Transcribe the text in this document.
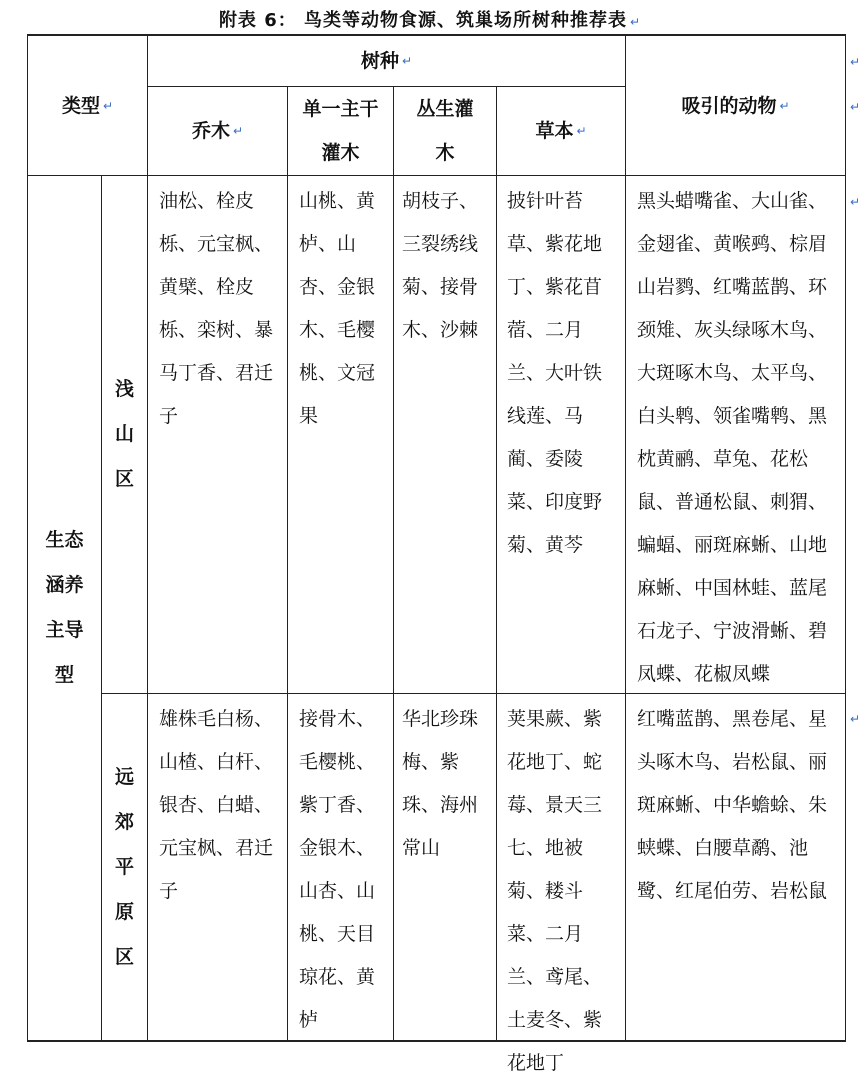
附表 6： 鸟类等动物食源、筑巢场所树种推荐表 ↵
类型 ↵
树种 ↵
乔木 ↵
单一主干灌木
丛生灌木
草本 ↵
吸引的动物 ↵
生态涵养主导型
浅山区
油松、栓皮栎、元宝枫、黄檗、栓皮栎、栾树、暴马丁香、君迁子
山桃、黄栌、山杏、金银木、毛樱桃、文冠果
胡枝子、三裂绣线菊、接骨木、沙棘
披针叶苔草、紫花地丁、紫花苜蓿、二月兰、大叶铁线莲、马蔺、委陵菜、印度野菊、黄芩
黑头蜡嘴雀、大山雀、金翅雀、黄喉鹀、棕眉山岩鹨、红嘴蓝鹊、环颈雉、灰头绿啄木鸟、大斑啄木鸟、太平鸟、白头鹎、领雀嘴鹎、黑枕黄鹂、草兔、花松鼠、普通松鼠、刺猬、蝙蝠、丽斑麻蜥、山地麻蜥、中国林蛙、蓝尾石龙子、宁波滑蜥、碧凤蝶、花椒凤蝶
远郊平原区
雄株毛白杨、山楂、白杆、银杏、白蜡、元宝枫、君迁子
接骨木、毛樱桃、紫丁香、金银木、山杏、山桃、天目琼花、黄栌
华北珍珠梅、紫珠、海州常山
荚果蕨、紫花地丁、蛇莓、景天三七、地被菊、耧斗菜、二月兰、鸢尾、土麦冬、紫花地丁
红嘴蓝鹊、黑卷尾、星头啄木鸟、岩松鼠、丽斑麻蜥、中华蟾蜍、朱蛱蝶、白腰草鹬、池鹭、红尾伯劳、岩松鼠
↵
↵
↵
↵
